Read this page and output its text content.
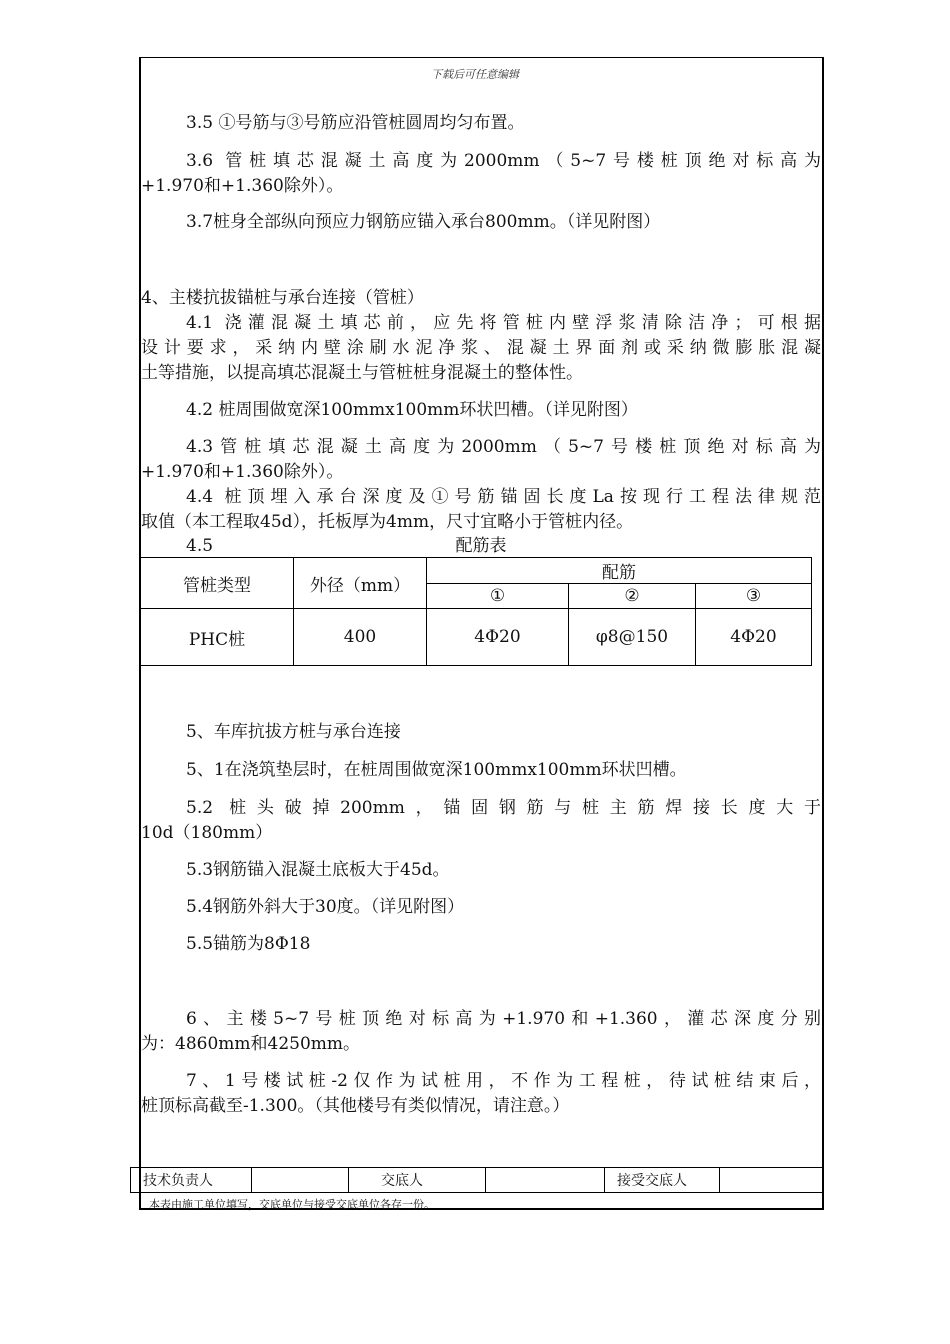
下载后可任意编辑
3.5 ①号筋与③号筋应沿管桩圆周均匀布置。
3.6 管桩填芯混凝土高度为2000mm（5~7号楼桩顶绝对标高为
+1.970和+1.360除外）。
3.7桩身全部纵向预应力钢筋应锚入承台800mm。（详见附图）
4、主楼抗拔锚桩与承台连接（管桩）
4.1 浇灌混凝土填芯前，应先将管桩内壁浮浆清除洁净；可根据
设计要求，采纳内壁涂刷水泥净浆、混凝土界面剂或采纳微膨胀混凝
土等措施，以提高填芯混凝土与管桩桩身混凝土的整体性。
4.2 桩周围做宽深100mmx100mm环状凹槽。（详见附图）
4.3管桩填芯混凝土高度为2000mm（5~7号楼桩顶绝对标高为
+1.970和+1.360除外）。
4.4 桩顶埋入承台深度及①号筋锚固长度La按现行工程法律规范
取值（本工程取45d），托板厚为4mm，尺寸宜略小于管桩内径。
4.5	配筋表
管桩类型	外径（mm）	配筋		
		①	②	③
PHC桩	400	4Φ20	φ8@150	4Φ20
5、车库抗拔方桩与承台连接
5、1在浇筑垫层时，在桩周围做宽深100mmx100mm环状凹槽。
5.2 桩头破掉200mm，锚固钢筋与桩主筋焊接长度大于
10d（180mm）
5.3钢筋锚入混凝土底板大于45d。
5.4钢筋外斜大于30度。（详见附图）
5.5锚筋为8Φ18
6、主楼5~7号桩顶绝对标高为+1.970和+1.360，灌芯深度分别
为：4860mm和4250mm。
7、1号楼试桩-2仅作为试桩用，不作为工程桩，待试桩结束后，
桩顶标高截至-1.300。（其他楼号有类似情况，请注意。）
技术负责人		交底人		接受交底人	
本表由施工单位填写，交底单位与接受交底单位各存一份。
